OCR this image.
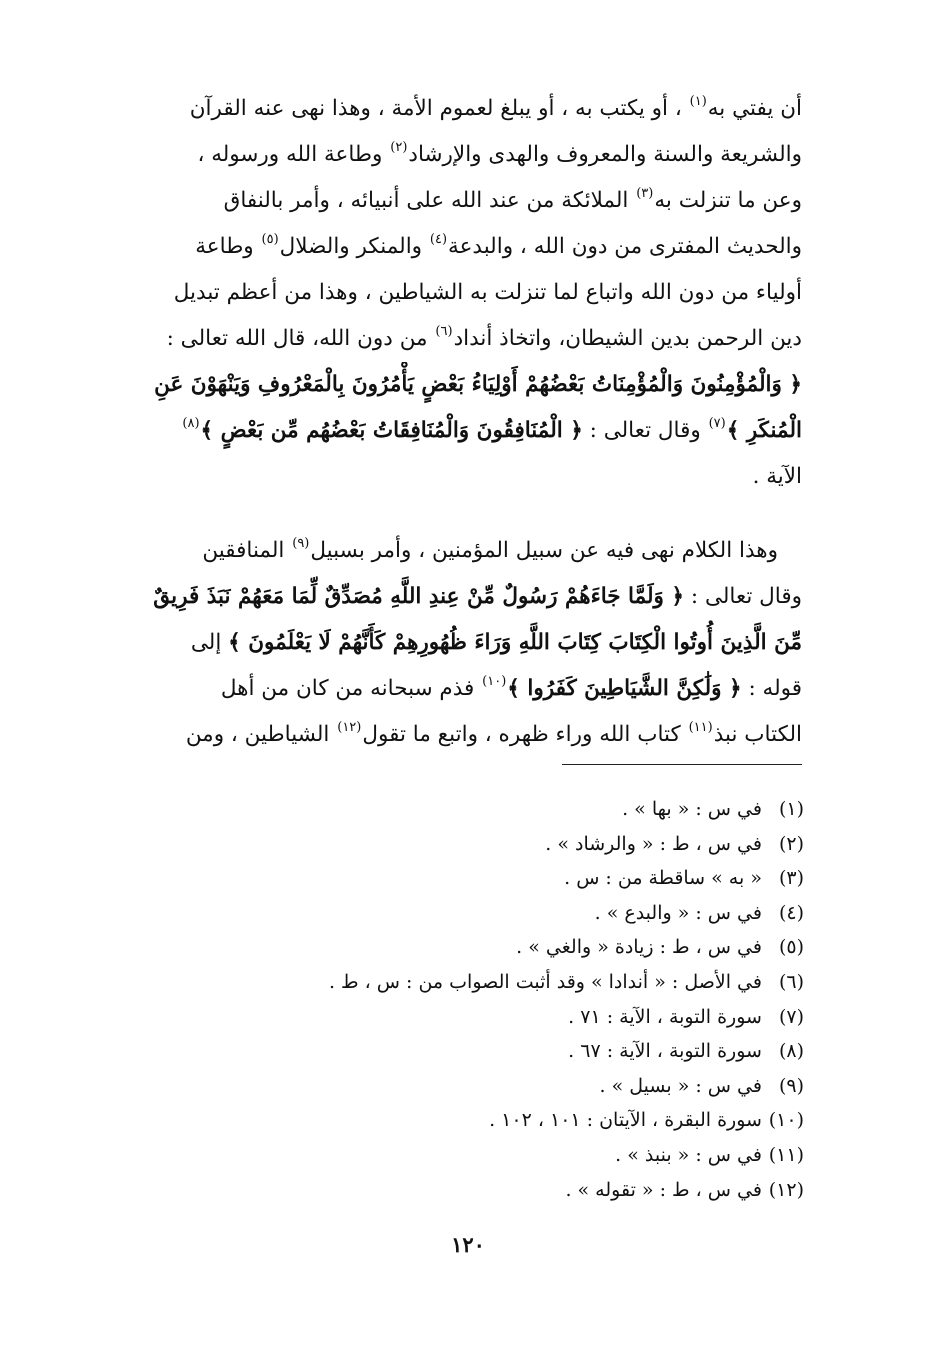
أن يفتي به$^{(١)}$ ، أو يكتب به ، أو يبلغ لعموم الأمة ، وهذا نهى عنه القرآن
والشريعة والسنة والمعروف والهدى والإرشاد$^{(٢)}$ وطاعة الله ورسوله ،
وعن ما تنزلت به$^{(٣)}$ الملائكة من عند الله على أنبيائه ، وأمر بالنفاق
والحديث المفترى من دون الله ، والبدعة$^{(٤)}$ والمنكر والضلال$^{(٥)}$ وطاعة
أولياء من دون الله واتباع لما تنزلت به الشياطين ، وهذا من أعظم تبديل
دين الرحمن بدين الشيطان، واتخاذ أنداد$^{(٦)}$ من دون الله، قال الله تعالى :
﴿ وَالْمُؤْمِنُونَ وَالْمُؤْمِنَاتُ بَعْضُهُمْ أَوْلِيَاءُ بَعْضٍ يَأْمُرُونَ بِالْمَعْرُوفِ وَيَنْهَوْنَ عَنِ
الْمُنكَرِ ﴾$^{(٧)}$ وقال تعالى : ﴿ الْمُنَافِقُونَ وَالْمُنَافِقَاتُ بَعْضُهُم مِّن بَعْضٍ ﴾$^{(٨)}$
الآية .

وهذا الكلام نهى فيه عن سبيل المؤمنين ، وأمر بسبيل$^{(٩)}$ المنافقين
وقال تعالى : ﴿ وَلَمَّا جَاءَهُمْ رَسُولٌ مِّنْ عِندِ اللَّهِ مُصَدِّقٌ لِّمَا مَعَهُمْ نَبَذَ فَرِيقٌ
مِّنَ الَّذِينَ أُوتُوا الْكِتَابَ كِتَابَ اللَّهِ وَرَاءَ ظُهُورِهِمْ كَأَنَّهُمْ لَا يَعْلَمُونَ ﴾ إلى
قوله : ﴿ وَلَٰكِنَّ الشَّيَاطِينَ كَفَرُوا ﴾$^{(١٠)}$ فذم سبحانه من كان من أهل
الكتاب نبذ$^{(١١)}$ كتاب الله وراء ظهره ، واتبع ما تقول$^{(١٢)}$ الشياطين ، ومن

(١) في س : « بها » .
(٢) في س ، ط : « والرشاد » .
(٣) « به » ساقطة من : س .
(٤) في س : « والبدع » .
(٥) في س ، ط : زيادة « والغي » .
(٦) في الأصل : « أندادا » وقد أثبت الصواب من : س ، ط .
(٧) سورة التوبة ، الآية : ٧١ .
(٨) سورة التوبة ، الآية : ٦٧ .
(٩) في س : « بسيل » .
(١٠) سورة البقرة ، الآيتان : ١٠١ ، ١٠٢ .
(١١) في س : « بنبذ » .
(١٢) في س ، ط : « تقوله » .
١٢٠
